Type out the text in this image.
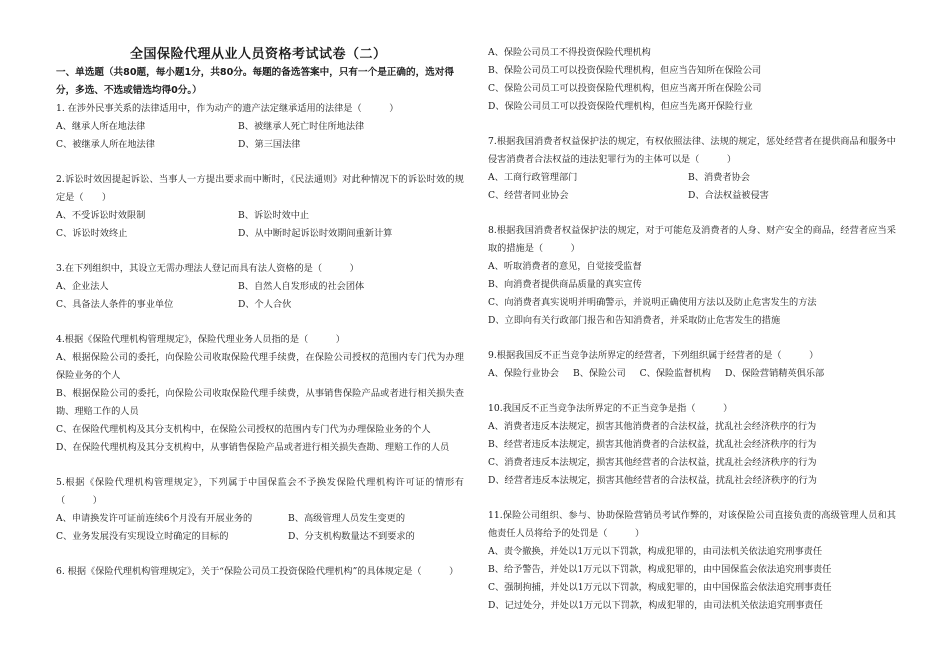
全国保险代理从业人员资格考试试卷（二）
一、单选题（共80题，每小题1分，共80分。每题的备选答案中，只有一个是正确的，选对得分，多选、不选或错选均得0分。）

1. 在涉外民事关系的法律适用中，作为动产的遗产法定继承适用的法律是（　　　）

A、继承人所在地法律	B、被继承人死亡时住所地法律
C、被继承人所在地法律	D、第三国法律

2.诉讼时效因提起诉讼、当事人一方提出要求而中断时，《民法通则》对此种情况下的诉讼时效的规定是（　　）

A、不受诉讼时效限制	B、诉讼时效中止
C、诉讼时效终止	D、从中断时起诉讼时效期间重新计算

3.在下列组织中，其设立无需办理法人登记而具有法人资格的是（　　　）

A、企业法人	B、自然人自发形成的社会团体
C、具备法人条件的事业单位	D、个人合伙

4.根据《保险代理机构管理规定》，保险代理业务人员指的是（　　　）

A、根据保险公司的委托，向保险公司收取保险代理手续费，在保险公司授权的范围内专门代为办理保险业务的个人

B、根据保险公司的委托，向保险公司收取保险代理手续费，从事销售保险产品或者进行相关损失查勘、理赔工作的人员

C、在保险代理机构及其分支机构中，在保险公司授权的范围内专门代为办理保险业务的个人

D、在保险代理机构及其分支机构中，从事销售保险产品或者进行相关损失查勘、理赔工作的人员

5.根据《保险代理机构管理规定》，下列属于中国保监会不予换发保险代理机构许可证的情形有（　　　）

A、申请换发许可证前连续6个月没有开展业务的	B、高级管理人员发生变更的
C、业务发展没有实现设立时确定的目标的	D、分支机构数量达不到要求的

6. 根据《保险代理机构管理规定》，关于“保险公司员工投资保险代理机构”的具体规定是（　　　）

A、保险公司员工不得投资保险代理机构

B、保险公司员工可以投资保险代理机构，但应当告知所在保险公司

C、保险公司员工可以投资保险代理机构，但应当离开所在保险公司

D、保险公司员工可以投资保险代理机构，但应当先离开保险行业

7.根据我国消费者权益保护法的规定，有权依照法律、法规的规定，惩处经营者在提供商品和服务中侵害消费者合法权益的违法犯罪行为的主体可以是（　　　）

A、工商行政管理部门	B、消费者协会
C、经营者同业协会	D、合法权益被侵害

8.根据我国消费者权益保护法的规定，对于可能危及消费者的人身、财产安全的商品，经营者应当采取的措施是（　　　）

A、听取消费者的意见，自觉接受监督

B、向消费者提供商品质量的真实宣传

C、向消费者真实说明并明确警示，并说明正确使用方法以及防止危害发生的方法

D、立即向有关行政部门报告和告知消费者，并采取防止危害发生的措施

9.根据我国反不正当竞争法所界定的经营者，下列组织属于经营者的是（　　　）

A、保险行业协会 B、保险公司 C、保险监督机构 D、保险营销精英俱乐部

10.我国反不正当竞争法所界定的不正当竞争是指（　　　）

A、消费者违反本法规定，损害其他消费者的合法权益，扰乱社会经济秩序的行为

B、经营者违反本法规定，损害其他消费者的合法权益，扰乱社会经济秩序的行为

C、消费者违反本法规定，损害其他经营者的合法权益，扰乱社会经济秩序的行为

D、经营者违反本法规定，损害其他经营者的合法权益，扰乱社会经济秩序的行为

11.保险公司组织、参与、协助保险营销员考试作弊的，对该保险公司直接负责的高级管理人员和其他责任人员将给予的处罚是（　　　）

A、责令撤换，并处以1万元以下罚款，构成犯罪的，由司法机关依法追究刑事责任

B、给予警告，并处以1万元以下罚款，构成犯罪的，由中国保监会依法追究刑事责任

C、强制拘捕，并处以1万元以下罚款，构成犯罪的，由中国保监会依法追究刑事责任

D、记过处分，并处以1万元以下罚款，构成犯罪的，由司法机关依法追究刑事责任
